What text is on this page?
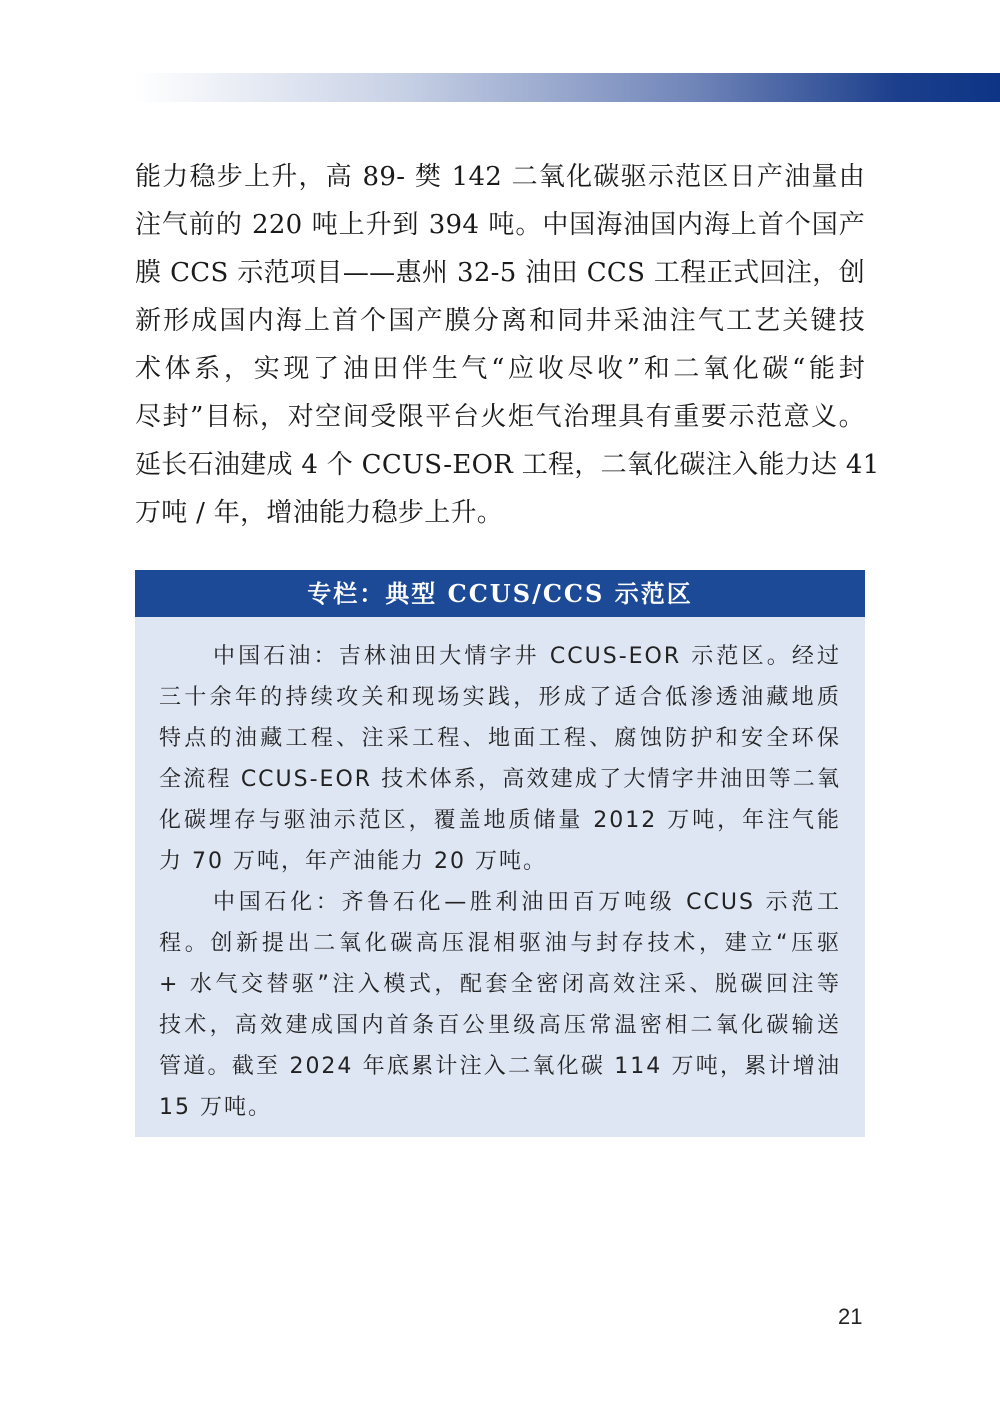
能力稳步上升，高 89- 樊 142 二氧化碳驱示范区日产油量由
注气前的 220 吨上升到 394 吨。中国海油国内海上首个国产
膜 CCS 示范项目——惠州 32-5 油田 CCS 工程正式回注，创
新形成国内海上首个国产膜分离和同井采油注气工艺关键技
术体系，实现了油田伴生气“应收尽收”和二氧化碳“能封
尽封”目标，对空间受限平台火炬气治理具有重要示范意义。
延长石油建成 4 个 CCUS-EOR 工程，二氧化碳注入能力达 41
万吨 / 年，增油能力稳步上升。
专栏：典型 CCUS/CCS 示范区
中国石油：吉林油田大情字井 CCUS-EOR 示范区。经过
三十余年的持续攻关和现场实践，形成了适合低渗透油藏地质
特点的油藏工程、注采工程、地面工程、腐蚀防护和安全环保
全流程 CCUS-EOR 技术体系，高效建成了大情字井油田等二氧
化碳埋存与驱油示范区，覆盖地质储量 2012 万吨，年注气能
力 70 万吨，年产油能力 20 万吨。
中国石化：齐鲁石化—胜利油田百万吨级 CCUS 示范工
程。创新提出二氧化碳高压混相驱油与封存技术，建立“压驱
+ 水气交替驱”注入模式，配套全密闭高效注采、脱碳回注等
技术，高效建成国内首条百公里级高压常温密相二氧化碳输送
管道。截至 2024 年底累计注入二氧化碳 114 万吨，累计增油
15 万吨。
21
